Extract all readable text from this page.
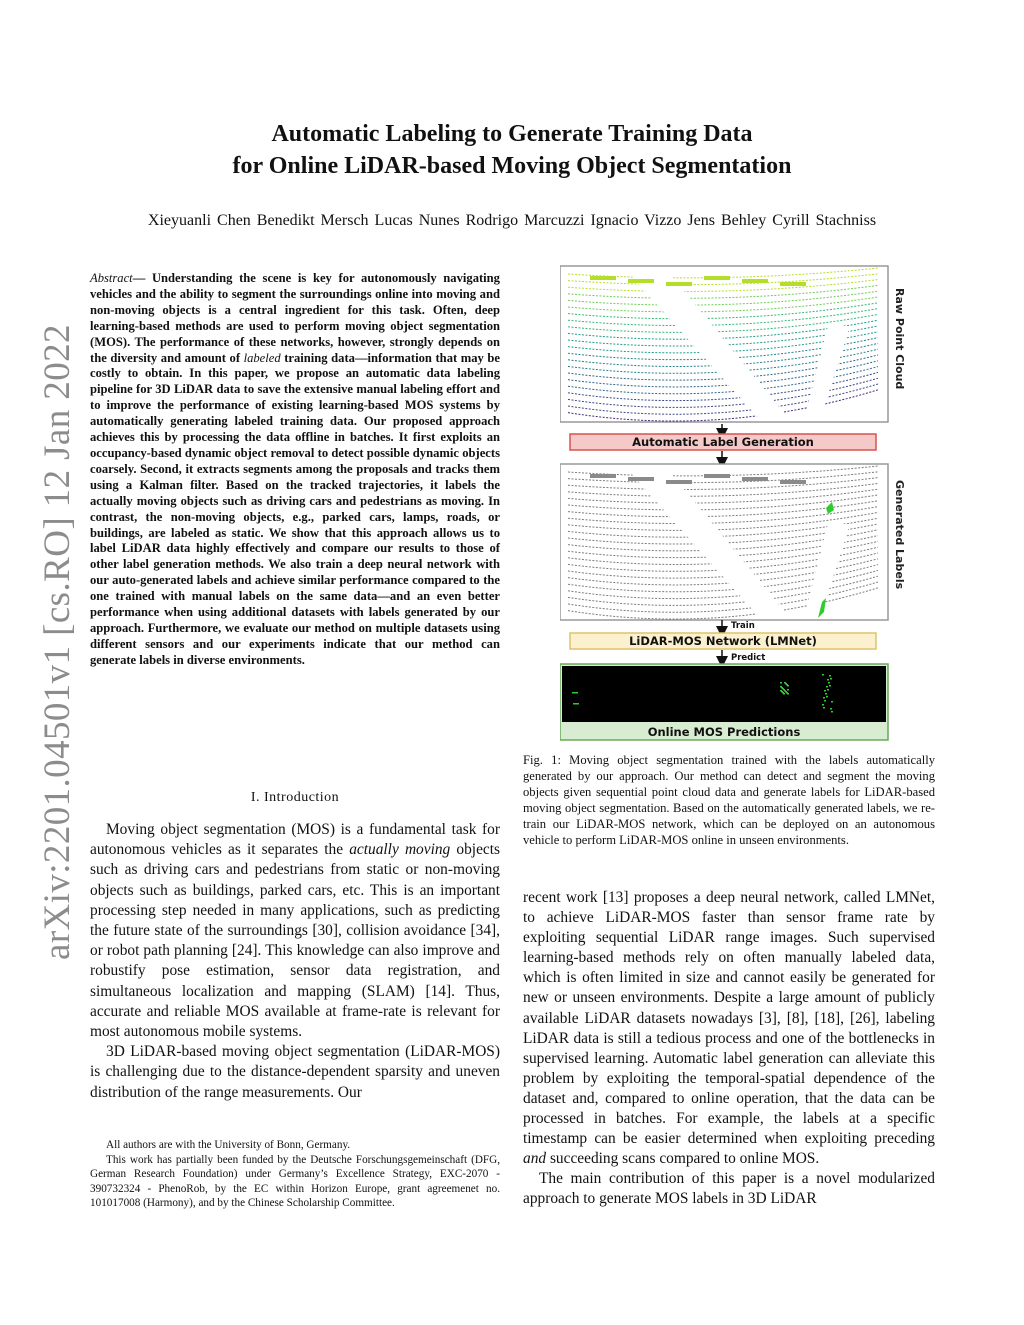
Automatic Labeling to Generate Training Data
for Online LiDAR-based Moving Object Segmentation
Xieyuanli Chen Benedikt Mersch Lucas Nunes Rodrigo Marcuzzi Ignacio Vizzo Jens Behley Cyrill Stachniss
arXiv:2201.04501v1 [cs.RO] 12 Jan 2022
Abstract— Understanding the scene is key for autonomously navigating vehicles and the ability to segment the surroundings online into moving and non-moving objects is a central ingredient for this task. Often, deep learning-based methods are used to perform moving object segmentation (MOS). The performance of these networks, however, strongly depends on the diversity and amount of labeled training data—information that may be costly to obtain. In this paper, we propose an automatic data labeling pipeline for 3D LiDAR data to save the extensive manual labeling effort and to improve the performance of existing learning-based MOS systems by automatically generating labeled training data. Our proposed approach achieves this by processing the data offline in batches. It first exploits an occupancy-based dynamic object removal to detect possible dynamic objects coarsely. Second, it extracts segments among the proposals and tracks them using a Kalman filter. Based on the tracked trajectories, it labels the actually moving objects such as driving cars and pedestrians as moving. In contrast, the non-moving objects, e.g., parked cars, lamps, roads, or buildings, are labeled as static. We show that this approach allows us to label LiDAR data highly effectively and compare our results to those of other label generation methods. We also train a deep neural network with our auto-generated labels and achieve similar performance compared to the one trained with manual labels on the same data—and an even better performance when using additional datasets with labels generated by our approach. Furthermore, we evaluate our method on multiple datasets using different sensors and our experiments indicate that our method can generate labels in diverse environments.
I. Introduction

Moving object segmentation (MOS) is a fundamental task for autonomous vehicles as it separates the actually moving objects such as driving cars and pedestrians from static or non-moving objects such as buildings, parked cars, etc. This is an important processing step needed in many applications, such as predicting the future state of the surroundings [30], collision avoidance [34], or robot path planning [24]. This knowledge can also improve and robustify pose estimation, sensor data registration, and simultaneous localization and mapping (SLAM) [14]. Thus, accurate and reliable MOS available at frame-rate is relevant for most autonomous mobile systems.

3D LiDAR-based moving object segmentation (LiDAR-MOS) is challenging due to the distance-dependent sparsity and uneven distribution of the range measurements. Our

All authors are with the University of Bonn, Germany.

This work has partially been funded by the Deutsche Forschungsgemeinschaft (DFG, German Research Foundation) under Germany’s Excellence Strategy, EXC-2070 - 390732324 - PhenoRob, by the EC within Horizon Europe, grant agreemenet no. 101017008 (Harmony), and by the Chinese Scholarship Committee.

Raw Point Cloud
Automatic Label Generation
Generated Labels
Train
LiDAR-MOS Network (LMNet)
Predict
Online MOS Predictions
Fig. 1: Moving object segmentation trained with the labels automatically generated by our approach. Our method can detect and segment the moving objects given sequential point cloud data and generate labels for LiDAR-based moving object segmentation. Based on the automatically generated labels, we re-train our LiDAR-MOS network, which can be deployed on an autonomous vehicle to perform LiDAR-MOS online in unseen environments.

recent work [13] proposes a deep neural network, called LMNet, to achieve LiDAR-MOS faster than sensor frame rate by exploiting sequential LiDAR range images. Such supervised learning-based methods rely on often manually labeled data, which is often limited in size and cannot easily be generated for new or unseen environments. Despite a large amount of publicly available LiDAR datasets nowadays [3], [8], [18], [26], labeling LiDAR data is still a tedious process and one of the bottlenecks in supervised learning. Automatic label generation can alleviate this problem by exploiting the temporal-spatial dependence of the dataset and, compared to online operation, that the data can be processed in batches. For example, the labels at a specific timestamp can be easier determined when exploiting preceding and succeeding scans compared to online MOS.

The main contribution of this paper is a novel modularized approach to generate MOS labels in 3D LiDAR
